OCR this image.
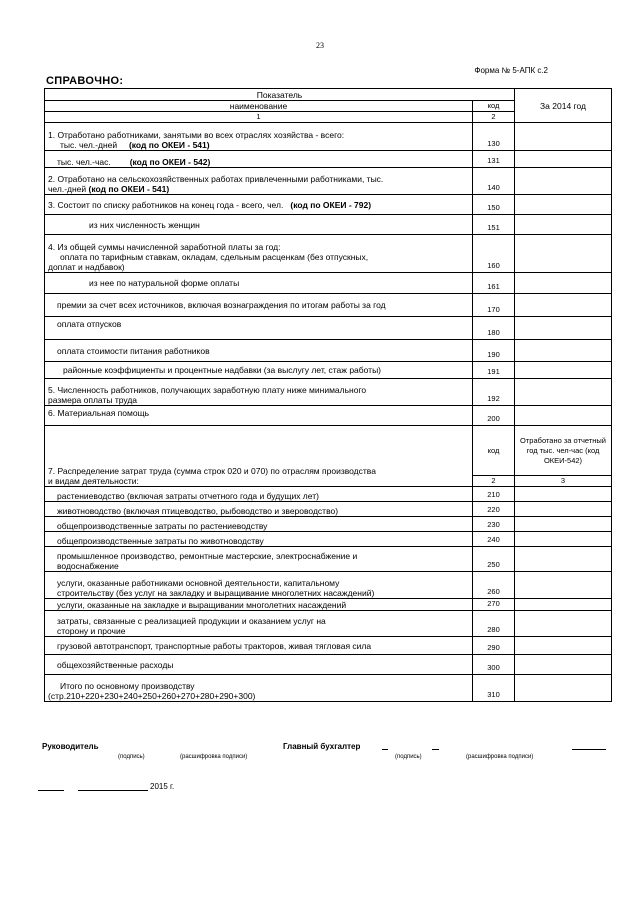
23
Форма № 5-АПК с.2
СПРАВОЧНО:
Показатель		За 2014 год
наименование	код	
1	2	

1. Отработано работниками, занятыми во всех отраслях хозяйства - всего:
тыс. чел.-дней (код по ОКЕИ - 541)	130	
тыс. чел.-час. (код по ОКЕИ - 542)	131	

2. Отработано на сельскохозяйственных работах привлеченными работниками, тыс.
чел.-дней (код по ОКЕИ - 541)	140	
3. Состоит по списку работников на конец года - всего, чел. (код по ОКЕИ - 792)	150	
из них численность женщин	151	

4. Из общей суммы начисленной заработной платы за год:
оплата по тарифным ставкам, окладам, сдельным расценкам (без отпускных,
доплат и надбавок)	160	
из нее по натуральной форме оплаты	161	
премии за счет всех источников, включая вознаграждения по итогам работы за год	170	
оплата отпусков	180	
оплата стоимости питания работников	190	
районные коэффициенты и процентные надбавки (за выслугу лет, стаж работы)	191	

5. Численность работников, получающих заработную плату ниже минимального
размера оплаты труда	192	
6. Материальная помощь	200	

7. Распределение затрат труда (сумма строк 020 и 070) по отраслям производства
и видам деятельности:	код	Отработано за отчетный год тыс. чел-час (код ОКЕИ-542)
	2	3
растениеводство (включая затраты отчетного года и будущих лет)	210	
животноводство (включая птицеводство, рыбоводство и звероводство)	220	
общепроизводственные затраты по растениеводству	230	
общепроизводственные затраты по животноводству	240	

промышленное производство, ремонтные мастерские, электроснабжение и
водоснабжение	250	

услуги, оказанные работниками основной деятельности, капитальному
строительству (без услуг на закладку и выращивание многолетних насаждений)	260	
услуги, оказанные на закладке и выращивании многолетних насаждений	270	

затраты, связанные с реализацией продукции и оказанием услуг на
сторону и прочие	280	
грузовой автотранспорт, транспортные работы тракторов, живая тягловая сила	290	
общехозяйственные расходы	300	

Итого по основному производству
(стр.210+220+230+240+250+260+270+280+290+300)	310	
Руководитель
(подпись)	(расшифровка подписи)
Главный бухгалтер
(подпись)	(расшифровка подписи)
2015 г.
